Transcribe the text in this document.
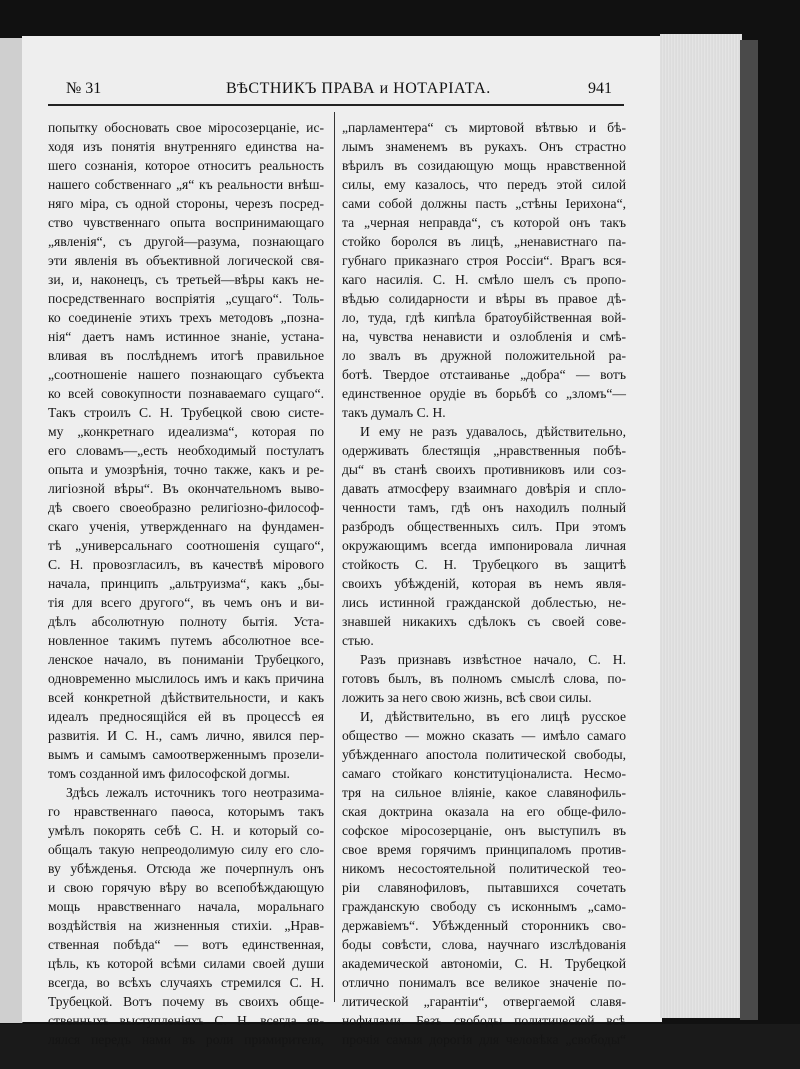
№ 31	ВѢСТНИКЪ ПРАВА и НОТАРІАТА.	941
попытку обосновать свое міросозерцаніе, ис-
ходя изъ понятія внутренняго единства на-
шего сознанія, которое относитъ реальность
нашего собственнаго „я“ къ реальности внѣш-
няго міра, съ одной стороны, черезъ посред-
ство чувственнаго опыта воспринимающаго
„явленія“, съ другой—разума, познающаго
эти явленія въ объективной логической свя-
зи, и, наконецъ, съ третьей—вѣры какъ не-
посредственнаго воспріятія „сущаго“. Толь-
ко соединеніе этихъ трехъ методовъ „позна-
нія“ даетъ намъ истинное знаніе, устана-
вливая въ послѣднемъ итогѣ правильное
„соотношеніе нашего познающаго субъекта
ко всей совокупности познаваемаго сущаго“.
Такъ строилъ С. Н. Трубецкой свою систе-
му „конкретнаго идеализма“, которая по
его словамъ—„есть необходимый постулатъ
опыта и умозрѣнія, точно также, какъ и ре-
лигіозной вѣры“. Въ окончательномъ выво-
дѣ своего своеобразно религіозно-философ-
скаго ученія, утвержденнаго на фундамен-
тѣ „универсальнаго соотношенія сущаго“,
С. Н. провозгласилъ, въ качествѣ мірового
начала, принципъ „альтруизма“, какъ „бы-
тія для всего другого“, въ чемъ онъ и ви-
дѣлъ абсолютную полноту бытія. Уста-
новленное такимъ путемъ абсолютное все-
ленское начало, въ пониманіи Трубецкого,
одновременно мыслилось имъ и какъ причина
всей конкретной дѣйствительности, и какъ
идеалъ предносящійся ей въ процессѣ ея
развитія. И С. Н., самъ лично, явился пер-
вымъ и самымъ самоотверженнымъ прозели-
томъ созданной имъ философской догмы.
Здѣсь лежалъ источникъ того неотразима-
го нравственнаго паѳоса, которымъ такъ
умѣлъ покорять себѣ С. Н. и который со-
общалъ такую непреодолимую силу его сло-
ву убѣжденья. Отсюда же почерпнулъ онъ
и свою горячую вѣру во всепобѣждающую
мощь нравственнаго начала, моральнаго
воздѣйствія на жизненныя стихіи. „Нрав-
ственная побѣда“ — вотъ единственная,
цѣль, къ которой всѣми силами своей души
всегда, во всѣхъ случаяхъ стремился С. Н.
Трубецкой. Вотъ почему въ своихъ обще-
ственныхъ выступленіяхъ С. Н. всегда яв-
лялся передъ нами въ роли примирителя,
„парламентера“ съ миртовой вѣтвью и бѣ-
лымъ знаменемъ въ рукахъ. Онъ страстно
вѣрилъ въ созидающую мощь нравственной
силы, ему казалось, что передъ этой силой
сами собой должны пасть „стѣны Іерихона“,
та „черная неправда“, съ которой онъ такъ
стойко боролся въ лицѣ, „ненавистнаго па-
губнаго приказнаго строя Россіи“. Врагъ вся-
каго насилія. С. Н. смѣло шелъ съ пропо-
вѣдью солидарности и вѣры въ правое дѣ-
ло, туда, гдѣ кипѣла братоубійственная вой-
на, чувства ненависти и озлобленія и смѣ-
ло звалъ въ дружной положительной ра-
ботѣ. Твердое отстаиванье „добра“ — вотъ
единственное орудіе въ борьбѣ со „зломъ“—
такъ думалъ С. Н.
И ему не разъ удавалось, дѣйствительно,
одерживать блестящія „нравственныя побѣ-
ды“ въ станѣ своихъ противниковъ или соз-
давать атмосферу взаимнаго довѣрія и спло-
ченности тамъ, гдѣ онъ находилъ полный
разбродъ общественныхъ силъ. При этомъ
окружающимъ всегда импонировала личная
стойкость С. Н. Трубецкого въ защитѣ
своихъ убѣжденій, которая въ немъ явля-
лись истинной гражданской доблестью, не-
знавшей никакихъ сдѣлокъ съ своей сове-
стью.
Разъ признавъ извѣстное начало, С. Н.
готовъ былъ, въ полномъ смыслѣ слова, по-
ложить за него свою жизнь, всѣ свои силы.
И, дѣйствительно, въ его лицѣ русское
общество — можно сказать — имѣло самаго
убѣжденнаго апостола политической свободы,
самаго стойкаго конституціоналиста. Несмо-
тря на сильное вліяніе, какое славянофиль-
ская доктрина оказала на его обще-фило-
софское міросозерцаніе, онъ выступилъ въ
свое время горячимъ принципаломъ против-
никомъ несостоятельной политической тео-
ріи славянофиловъ, пытавшихся сочетать
гражданскую свободу съ исконнымъ „само-
державіемъ“. Убѣжденный сторонникъ сво-
боды совѣсти, слова, научнаго изслѣдованія
академической автономіи, С. Н. Трубецкой
отлично понималъ все великое значеніе по-
литической „гарантіи“, отвергаемой славя-
нофилами. Безъ свободы политической всѣ
прочія самыя дорогія для человѣка „свободы“
